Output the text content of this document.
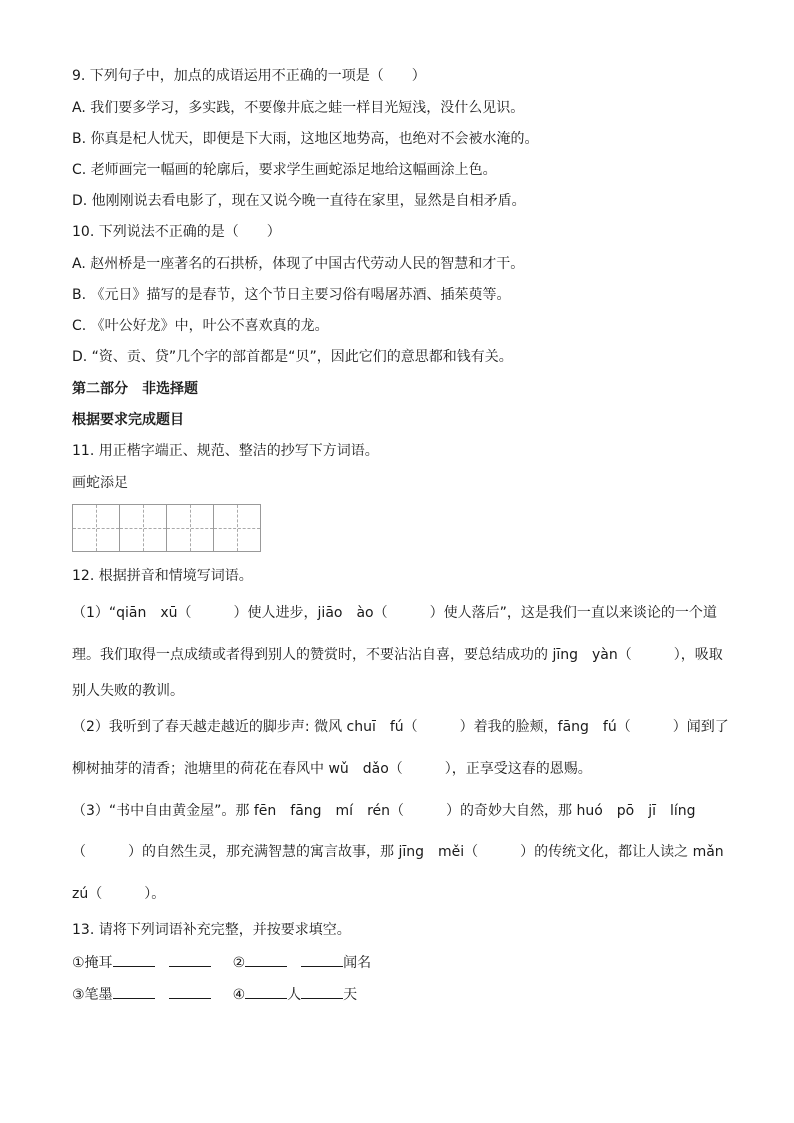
9. 下列句子中，加点的成语运用不正确的一项是（　　）
A. 我们要多学习，多实践，不要像井底之蛙一样目光短浅，没什么见识。
B. 你真是杞人忧天，即便是下大雨，这地区地势高，也绝对不会被水淹的。
C. 老师画完一幅画的轮廓后，要求学生画蛇添足地给这幅画涂上色。
D. 他刚刚说去看电影了，现在又说今晚一直待在家里，显然是自相矛盾。
10. 下列说法不正确的是（　　）
A. 赵州桥是一座著名的石拱桥，体现了中国古代劳动人民的智慧和才干。
B. 《元日》描写的是春节，这个节日主要习俗有喝屠苏酒、插茱萸等。
C. 《叶公好龙》中，叶公不喜欢真的龙。
D. “资、贡、贷”几个字的部首都是“贝”，因此它们的意思都和钱有关。
第二部分　非选择题
根据要求完成题目
11. 用正楷字端正、规范、整洁的抄写下方词语。
画蛇添足
12. 根据拼音和情境写词语。
（1）“qiān　xū（　　　）使人进步，jiāo　ào（　　　）使人落后”，这是我们一直以来谈论的一个道
理。我们取得一点成绩或者得到别人的赞赏时，不要沾沾自喜，要总结成功的 jīng　yàn（　　　），吸取
别人失败的教训。
（2）我听到了春天越走越近的脚步声: 微风 chuī　fú（　　　）着我的脸颊，fāng　fú（　　　）闻到了
柳树抽芽的清香；池塘里的荷花在春风中 wǔ　dǎo（　　　），正享受这春的恩赐。
（3）“书中自由黄金屋”。那 fēn　fāng　mí　rén（　　　）的奇妙大自然，那 huó　pō　jī　líng
（　　　）的自然生灵，那充满智慧的寓言故事，那 jīng　měi（　　　）的传统文化，都让人读之 mǎn
zú（　　　）。
13. 请将下列词语补充完整，并按要求填空。
①掩耳	②	闻名
③笔墨	④	人	天
